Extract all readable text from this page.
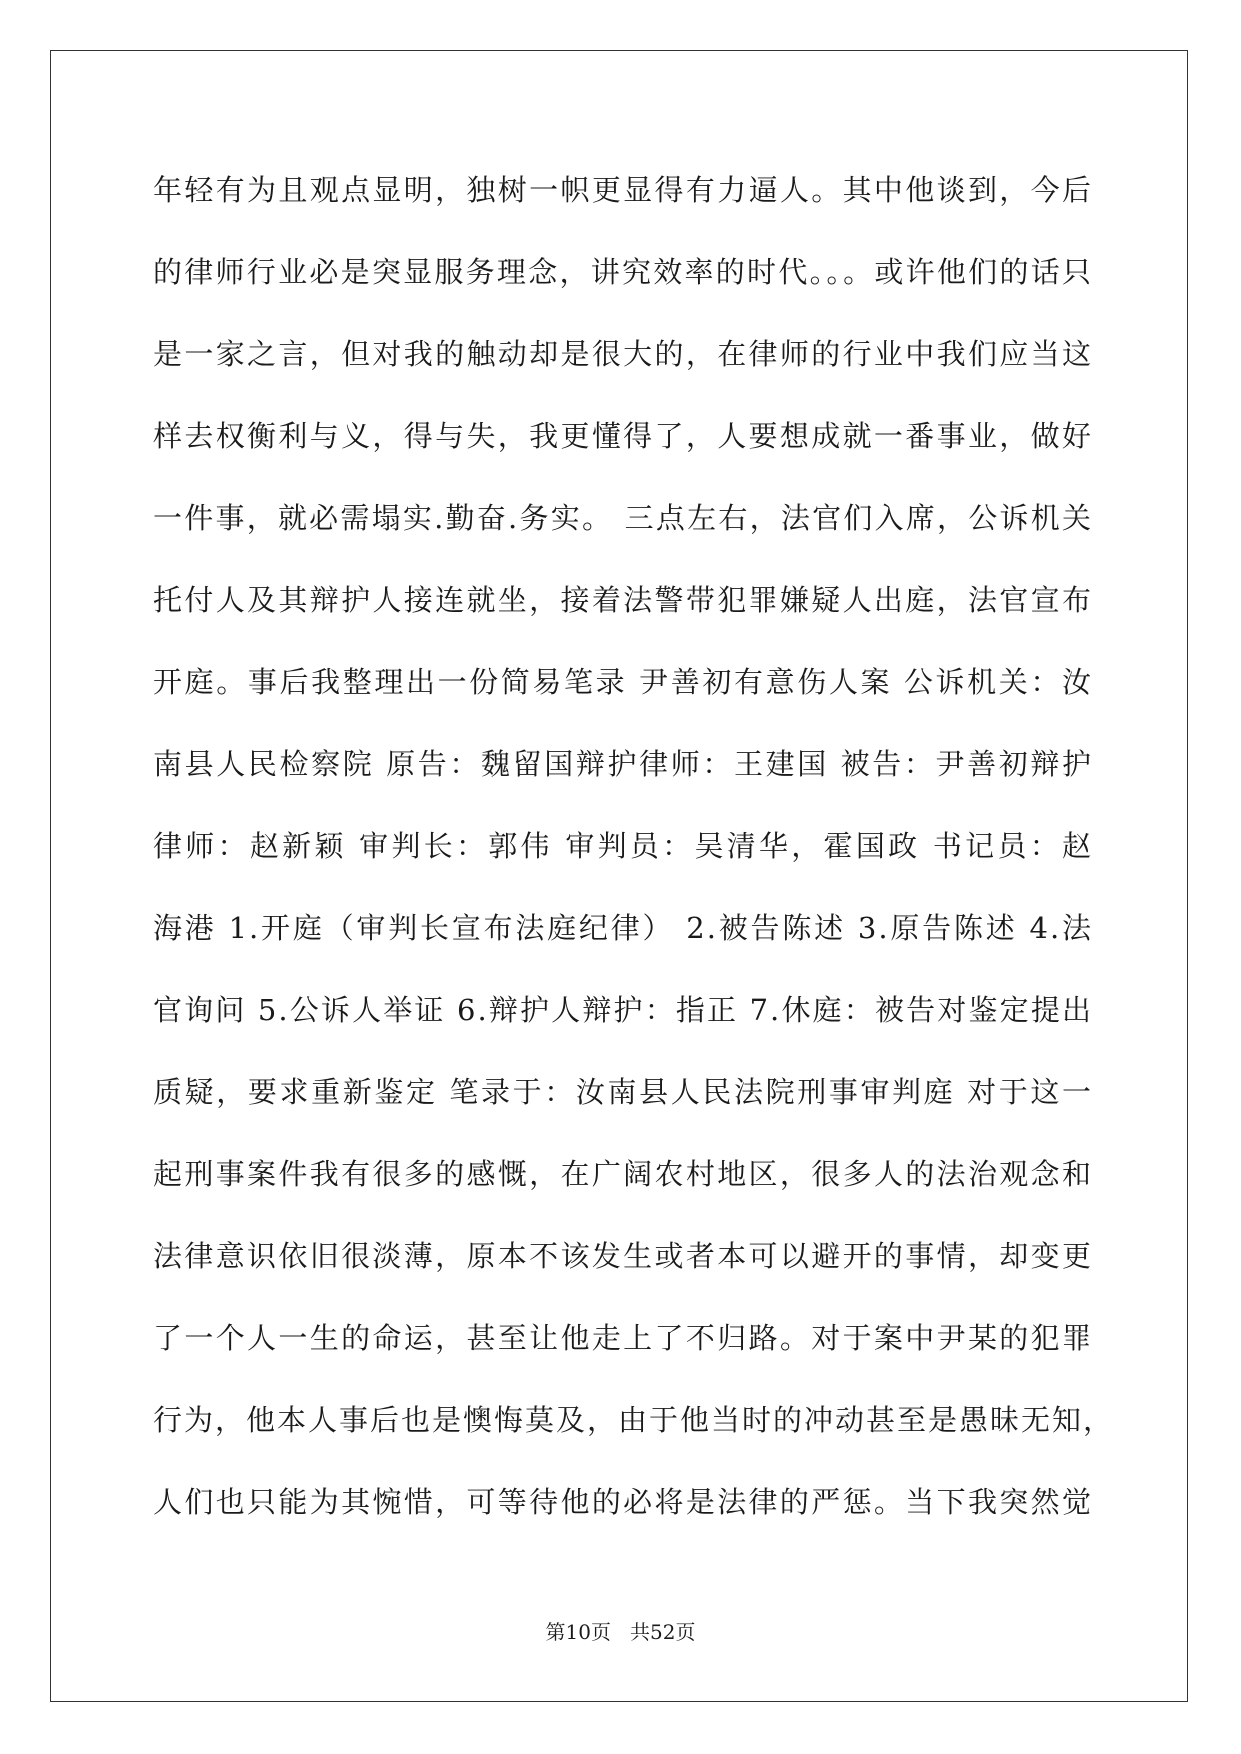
年轻有为且观点显明，独树一帜更显得有力逼人。其中他谈到，今后
的律师行业必是突显服务理念，讲究效率的时代。。。或许他们的话只
是一家之言，但对我的触动却是很大的，在律师的行业中我们应当这
样去权衡利与义，得与失，我更懂得了，人要想成就一番事业，做好
一件事，就必需塌实.勤奋.务实。 三点左右，法官们入席，公诉机关
托付人及其辩护人接连就坐，接着法警带犯罪嫌疑人出庭，法官宣布
开庭。事后我整理出一份简易笔录 尹善初有意伤人案 公诉机关：汝
南县人民检察院 原告：魏留国辩护律师：王建国 被告：尹善初辩护
律师：赵新颖 审判长：郭伟 审判员：吴清华，霍国政 书记员：赵
海港 1.开庭（审判长宣布法庭纪律） 2.被告陈述 3.原告陈述 4.法
官询问 5.公诉人举证 6.辩护人辩护：指正 7.休庭：被告对鉴定提出
质疑，要求重新鉴定 笔录于：汝南县人民法院刑事审判庭 对于这一
起刑事案件我有很多的感慨，在广阔农村地区，很多人的法治观念和
法律意识依旧很淡薄，原本不该发生或者本可以避开的事情，却变更
了一个人一生的命运，甚至让他走上了不归路。对于案中尹某的犯罪
行为，他本人事后也是懊悔莫及，由于他当时的冲动甚至是愚昧无知，
人们也只能为其惋惜，可等待他的必将是法律的严惩。当下我突然觉
第10页   共52页
